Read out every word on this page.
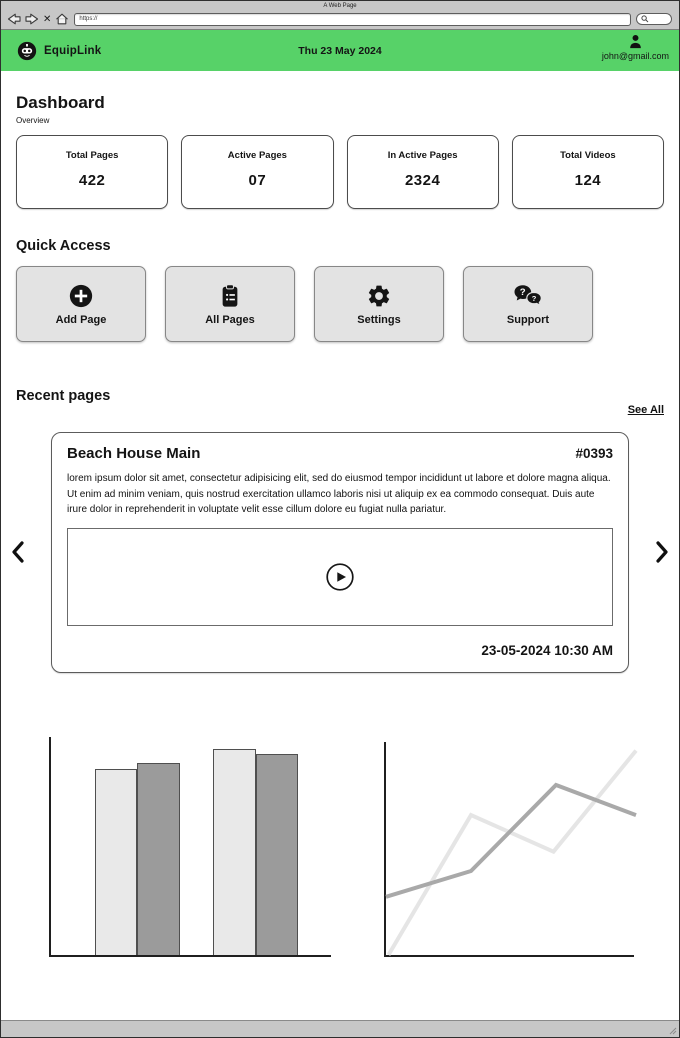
A Web Page
✕	https://
Thu 23 May 2024
EquipLink	john@gmail.com
Dashboard
Overview
Total Pages
422
Active Pages
07
In Active Pages
2324
Total Videos
124
Quick Access
Add Page	All Pages	Settings
?
?
Support
Recent pages
See All
Beach House Main	#0393

lorem ipsum dolor sit amet, consectetur adipisicing elit, sed do eiusmod tempor incididunt ut labore et dolore magna aliqua. Ut enim ad minim veniam, quis nostrud exercitation ullamco laboris nisi ut aliquip ex ea commodo consequat. Duis aute irure dolor in reprehenderit in voluptate velit esse cillum dolore eu fugiat nulla pariatur.

23-05-2024 10:30 AM
